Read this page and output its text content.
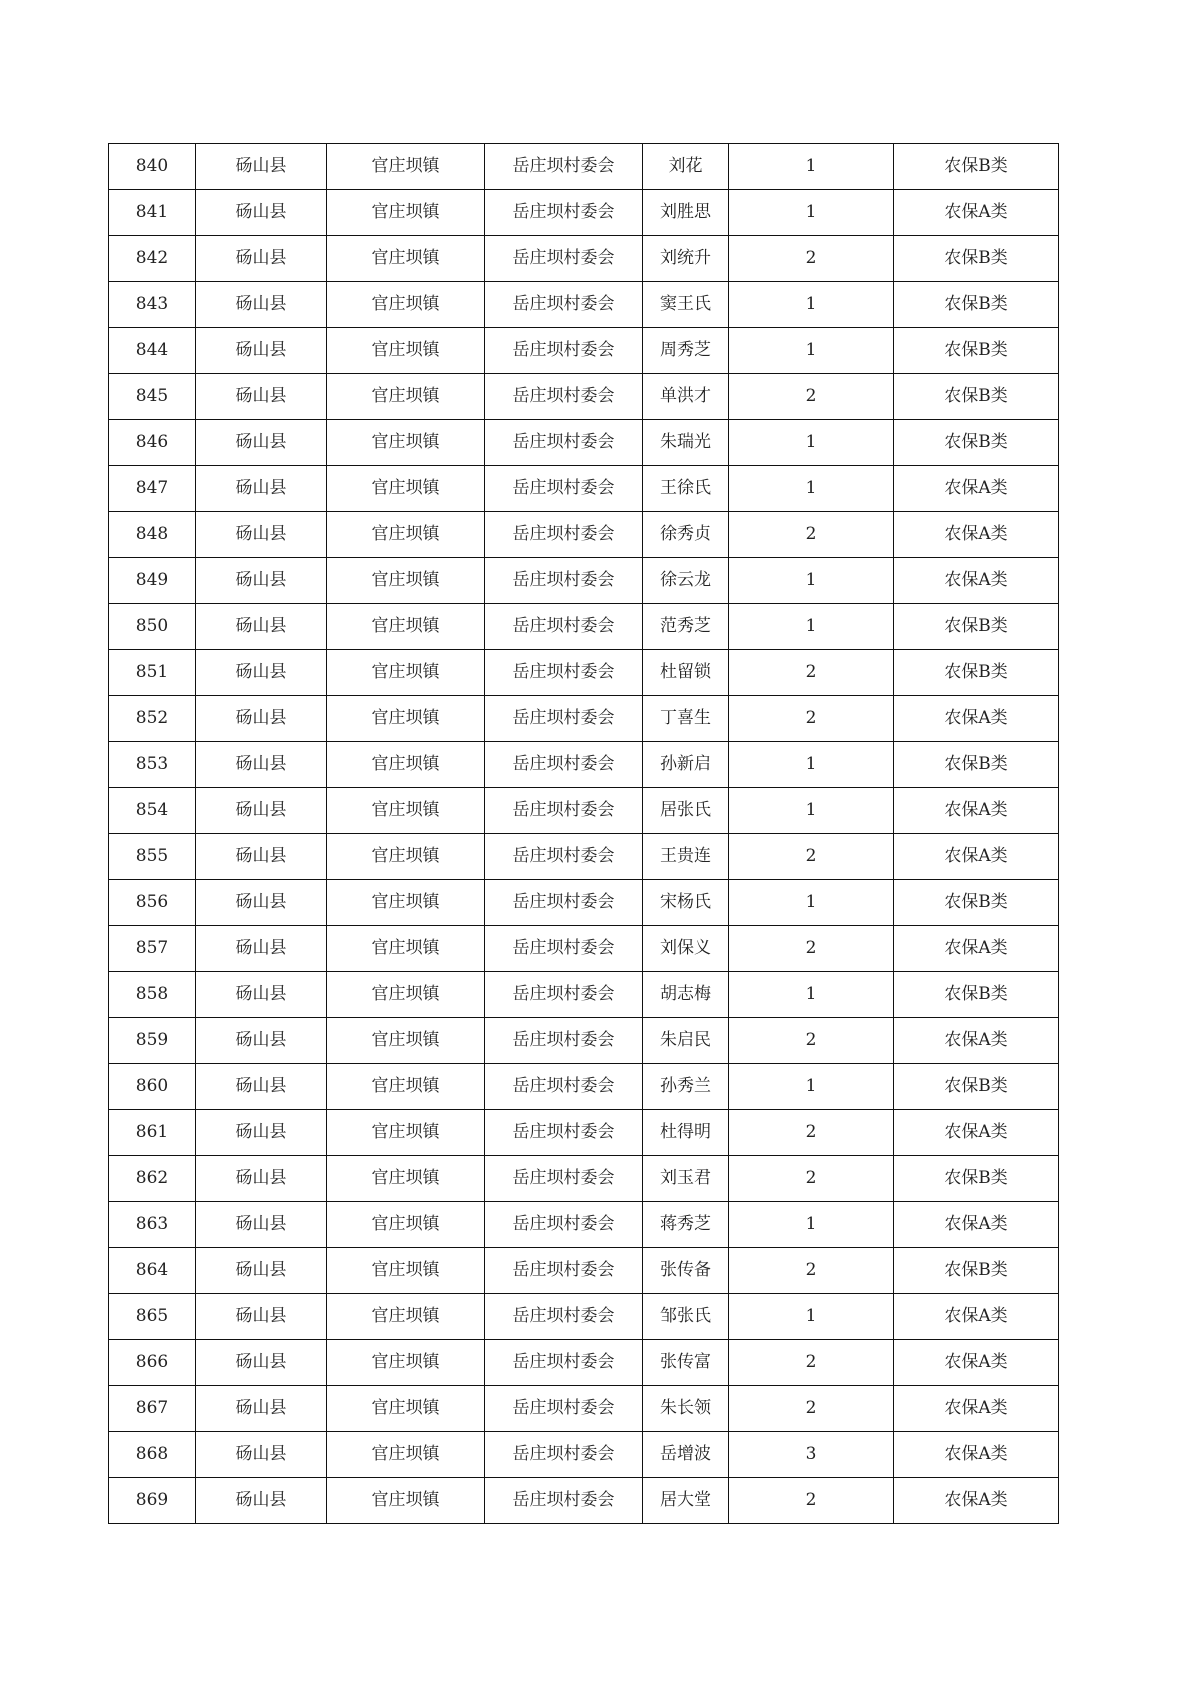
840	砀山县	官庄坝镇	岳庄坝村委会	刘花	1	农保B类
841	砀山县	官庄坝镇	岳庄坝村委会	刘胜思	1	农保A类
842	砀山县	官庄坝镇	岳庄坝村委会	刘统升	2	农保B类
843	砀山县	官庄坝镇	岳庄坝村委会	窦王氏	1	农保B类
844	砀山县	官庄坝镇	岳庄坝村委会	周秀芝	1	农保B类
845	砀山县	官庄坝镇	岳庄坝村委会	单洪才	2	农保B类
846	砀山县	官庄坝镇	岳庄坝村委会	朱瑞光	1	农保B类
847	砀山县	官庄坝镇	岳庄坝村委会	王徐氏	1	农保A类
848	砀山县	官庄坝镇	岳庄坝村委会	徐秀贞	2	农保A类
849	砀山县	官庄坝镇	岳庄坝村委会	徐云龙	1	农保A类
850	砀山县	官庄坝镇	岳庄坝村委会	范秀芝	1	农保B类
851	砀山县	官庄坝镇	岳庄坝村委会	杜留锁	2	农保B类
852	砀山县	官庄坝镇	岳庄坝村委会	丁喜生	2	农保A类
853	砀山县	官庄坝镇	岳庄坝村委会	孙新启	1	农保B类
854	砀山县	官庄坝镇	岳庄坝村委会	居张氏	1	农保A类
855	砀山县	官庄坝镇	岳庄坝村委会	王贵连	2	农保A类
856	砀山县	官庄坝镇	岳庄坝村委会	宋杨氏	1	农保B类
857	砀山县	官庄坝镇	岳庄坝村委会	刘保义	2	农保A类
858	砀山县	官庄坝镇	岳庄坝村委会	胡志梅	1	农保B类
859	砀山县	官庄坝镇	岳庄坝村委会	朱启民	2	农保A类
860	砀山县	官庄坝镇	岳庄坝村委会	孙秀兰	1	农保B类
861	砀山县	官庄坝镇	岳庄坝村委会	杜得明	2	农保A类
862	砀山县	官庄坝镇	岳庄坝村委会	刘玉君	2	农保B类
863	砀山县	官庄坝镇	岳庄坝村委会	蒋秀芝	1	农保A类
864	砀山县	官庄坝镇	岳庄坝村委会	张传备	2	农保B类
865	砀山县	官庄坝镇	岳庄坝村委会	邹张氏	1	农保A类
866	砀山县	官庄坝镇	岳庄坝村委会	张传富	2	农保A类
867	砀山县	官庄坝镇	岳庄坝村委会	朱长领	2	农保A类
868	砀山县	官庄坝镇	岳庄坝村委会	岳增波	3	农保A类
869	砀山县	官庄坝镇	岳庄坝村委会	居大堂	2	农保A类
